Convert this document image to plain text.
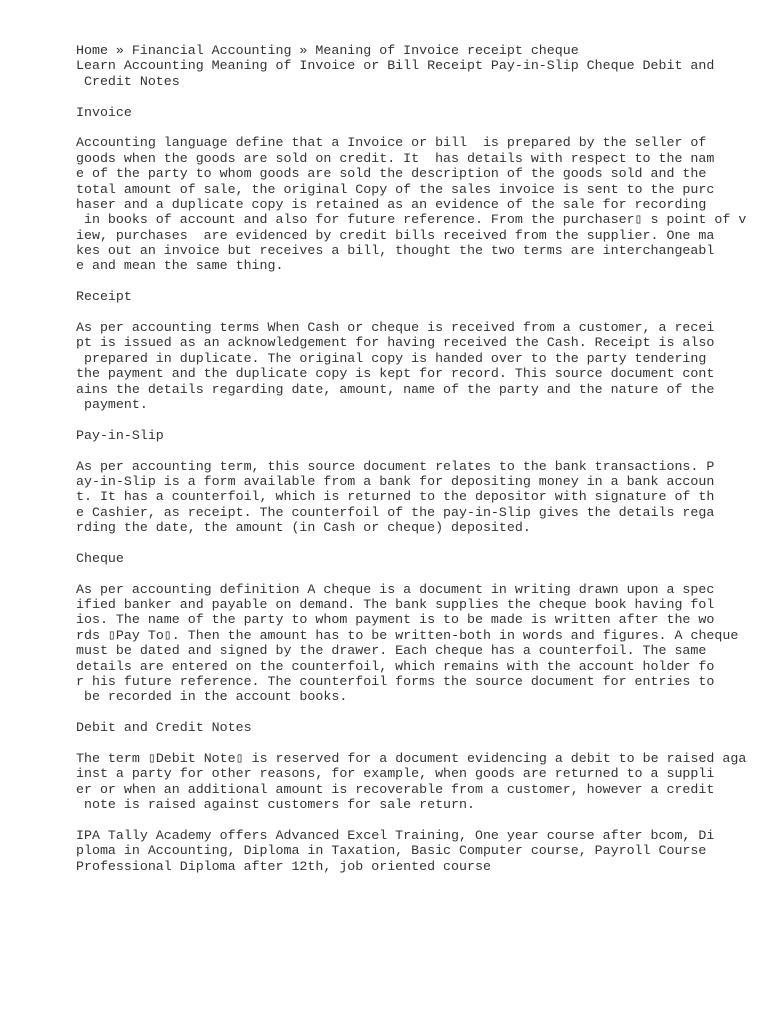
Home » Financial Accounting » Meaning of Invoice receipt cheque
Learn Accounting Meaning of Invoice or Bill Receipt Pay-in-Slip Cheque Debit and
Credit Notes
Invoice
Accounting language define that a Invoice or bill  is prepared by the seller of
goods when the goods are sold on credit. It  has details with respect to the nam
e of the party to whom goods are sold the description of the goods sold and the
total amount of sale, the original Copy of the sales invoice is sent to the purc
haser and a duplicate copy is retained as an evidence of the sale for recording
in books of account and also for future reference. From the purchaser▯ s point of v
iew, purchases  are evidenced by credit bills received from the supplier. One ma
kes out an invoice but receives a bill, thought the two terms are interchangeabl
e and mean the same thing.
Receipt
As per accounting terms When Cash or cheque is received from a customer, a recei
pt is issued as an acknowledgement for having received the Cash. Receipt is also
prepared in duplicate. The original copy is handed over to the party tendering
the payment and the duplicate copy is kept for record. This source document cont
ains the details regarding date, amount, name of the party and the nature of the
payment.
Pay-in-Slip
As per accounting term, this source document relates to the bank transactions. P
ay-in-Slip is a form available from a bank for depositing money in a bank accoun
t. It has a counterfoil, which is returned to the depositor with signature of th
e Cashier, as receipt. The counterfoil of the pay-in-Slip gives the details rega
rding the date, the amount (in Cash or cheque) deposited.
Cheque
As per accounting definition A cheque is a document in writing drawn upon a spec
ified banker and payable on demand. The bank supplies the cheque book having fol
ios. The name of the party to whom payment is to be made is written after the wo
rds ▯Pay To▯. Then the amount has to be written-both in words and figures. A cheque
must be dated and signed by the drawer. Each cheque has a counterfoil. The same
details are entered on the counterfoil, which remains with the account holder fo
r his future reference. The counterfoil forms the source document for entries to
be recorded in the account books.
Debit and Credit Notes
The term ▯Debit Note▯ is reserved for a document evidencing a debit to be raised aga
inst a party for other reasons, for example, when goods are returned to a suppli
er or when an additional amount is recoverable from a customer, however a credit
note is raised against customers for sale return.
IPA Tally Academy offers Advanced Excel Training, One year course after bcom, Di
ploma in Accounting, Diploma in Taxation, Basic Computer course, Payroll Course
Professional Diploma after 12th, job oriented course
